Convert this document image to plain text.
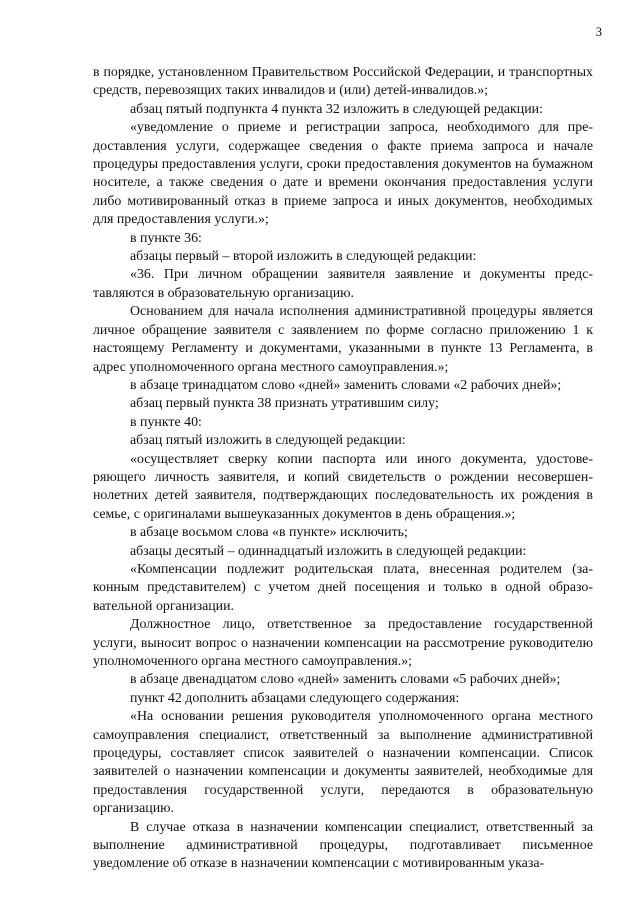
3

в порядке, установленном Правительством Российской Федерации, и транспортных средств, перевозящих таких инвалидов и (или) детей-инвалидов.»;

абзац пятый подпункта 4 пункта 32 изложить в следующей редакции:

«уведомление о приеме и регистрации запроса, необходимого для предоставления услуги, содержащее сведения о факте приема запроса и начале процедуры предоставления услуги, сроки предоставления документов на бумажном носителе, а также сведения о дате и времени окончания предоставления услуги либо мотивированный отказ в приеме запроса и иных документов, необходимых для предоставления услуги.»;

в пункте 36:

абзацы первый – второй изложить в следующей редакции:

«36. При личном обращении заявителя заявление и документы представляются в образовательную организацию.

Основанием для начала исполнения административной процедуры является личное обращение заявителя с заявлением по форме согласно приложению 1 к настоящему Регламенту и документами, указанными в пункте 13 Регламента, в адрес уполномоченного органа местного самоуправления.»;

в абзаце тринадцатом слово «дней» заменить словами «2 рабочих дней»;

абзац первый пункта 38 признать утратившим силу;

в пункте 40:

абзац пятый изложить в следующей редакции:

«осуществляет сверку копии паспорта или иного документа, удостоверяющего личность заявителя, и копий свидетельств о рождении несовершеннолетних детей заявителя, подтверждающих последовательность их рождения в семье, с оригиналами вышеуказанных документов в день обращения.»;

в абзаце восьмом слова «в пункте» исключить;

абзацы десятый – одиннадцатый изложить в следующей редакции:

«Компенсации подлежит родительская плата, внесенная родителем (законным представителем) с учетом дней посещения и только в одной образовательной организации.

Должностное лицо, ответственное за предоставление государственной услуги, выносит вопрос о назначении компенсации на рассмотрение руководителю уполномоченного органа местного самоуправления.»;

в абзаце двенадцатом слово «дней» заменить словами «5 рабочих дней»;

пункт 42 дополнить абзацами следующего содержания:

«На основании решения руководителя уполномоченного органа местного самоуправления специалист, ответственный за выполнение административной процедуры, составляет список заявителей о назначении компенсации. Список заявителей о назначении компенсации и документы заявителей, необходимые для предоставления государственной услуги, передаются в образовательную организацию.

В случае отказа в назначении компенсации специалист, ответственный за выполнение административной процедуры, подготавливает письменное уведомление об отказе в назначении компенсации с мотивированным указа-
